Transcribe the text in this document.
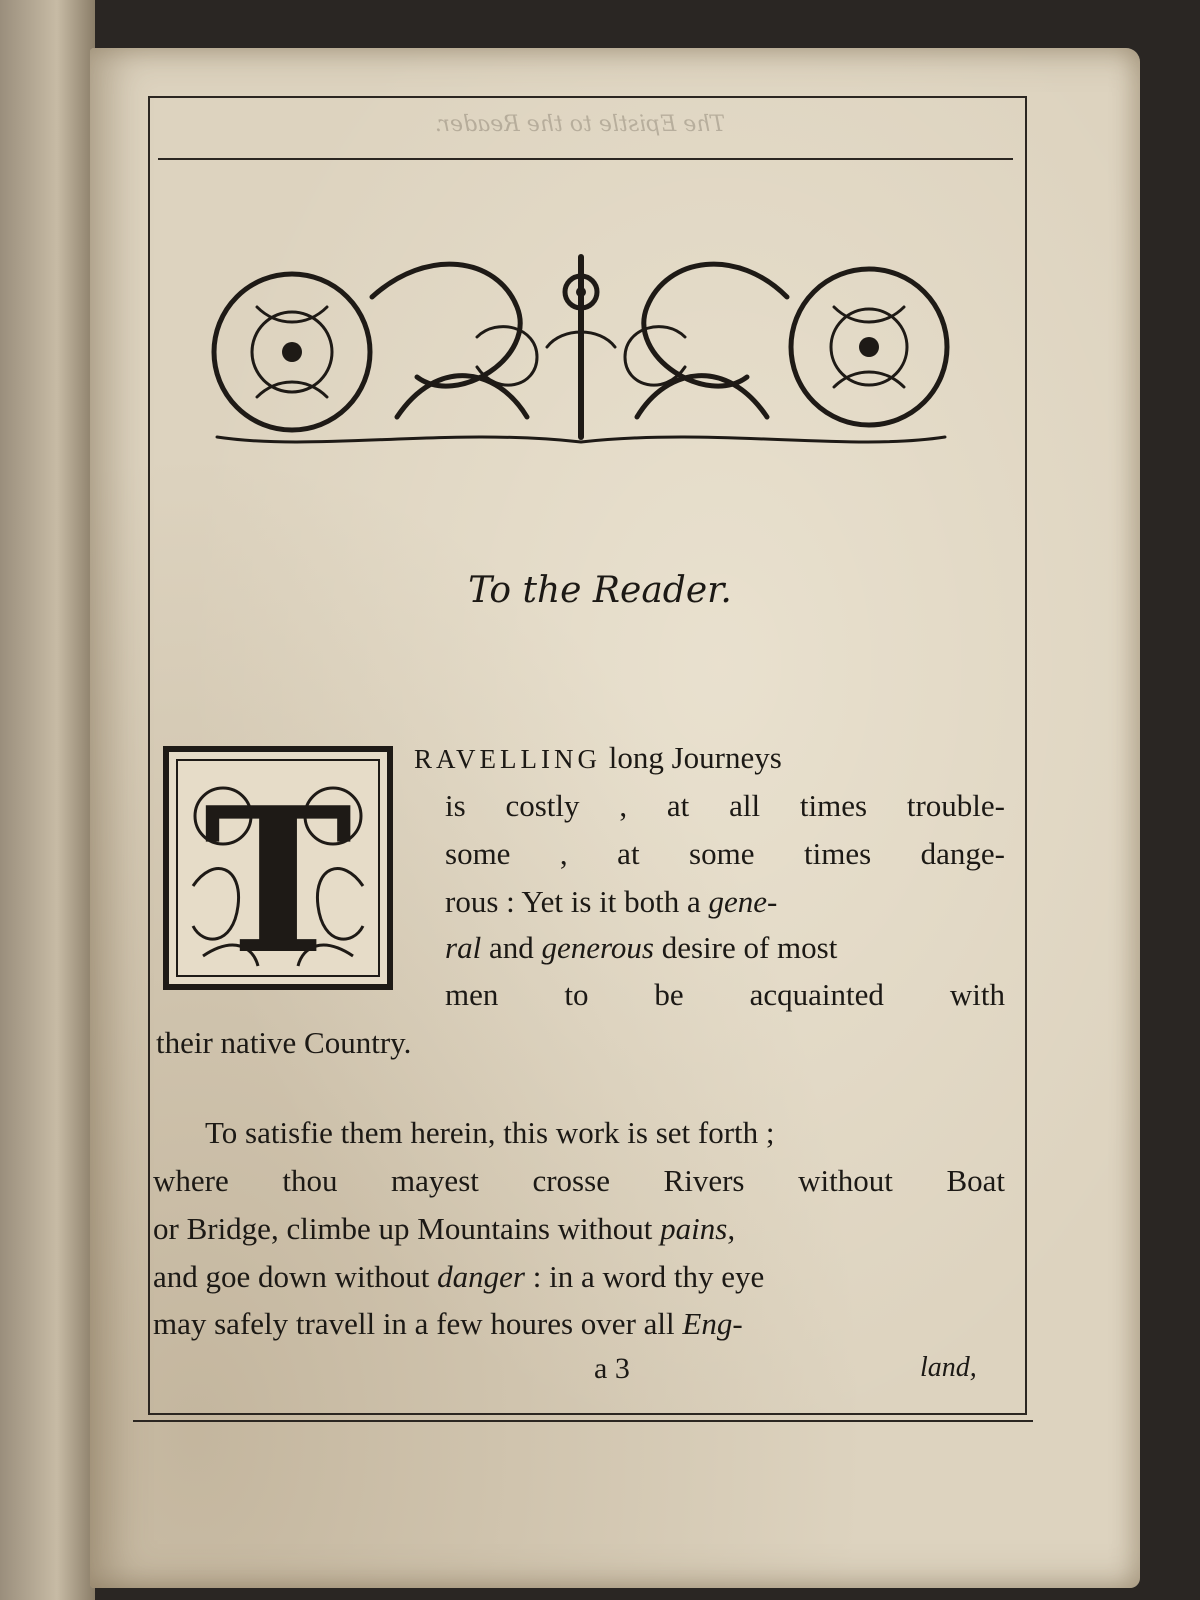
The Epistle to the Reader.
To the Reader.
T
RAVELLING long Journeys
is costly , at all times trouble-
some , at some times dange-
rous : Yet is it both a gene-
ral and generous desire of most
men to be acquainted with
their native Country.
To satisfie them herein, this work is set forth ;
where thou mayest crosse Rivers without Boat
or Bridge, climbe up Mountains without pains,
and goe down without danger : in a word thy eye
may safely travell in a few houres over all Eng-
a 3	land,
